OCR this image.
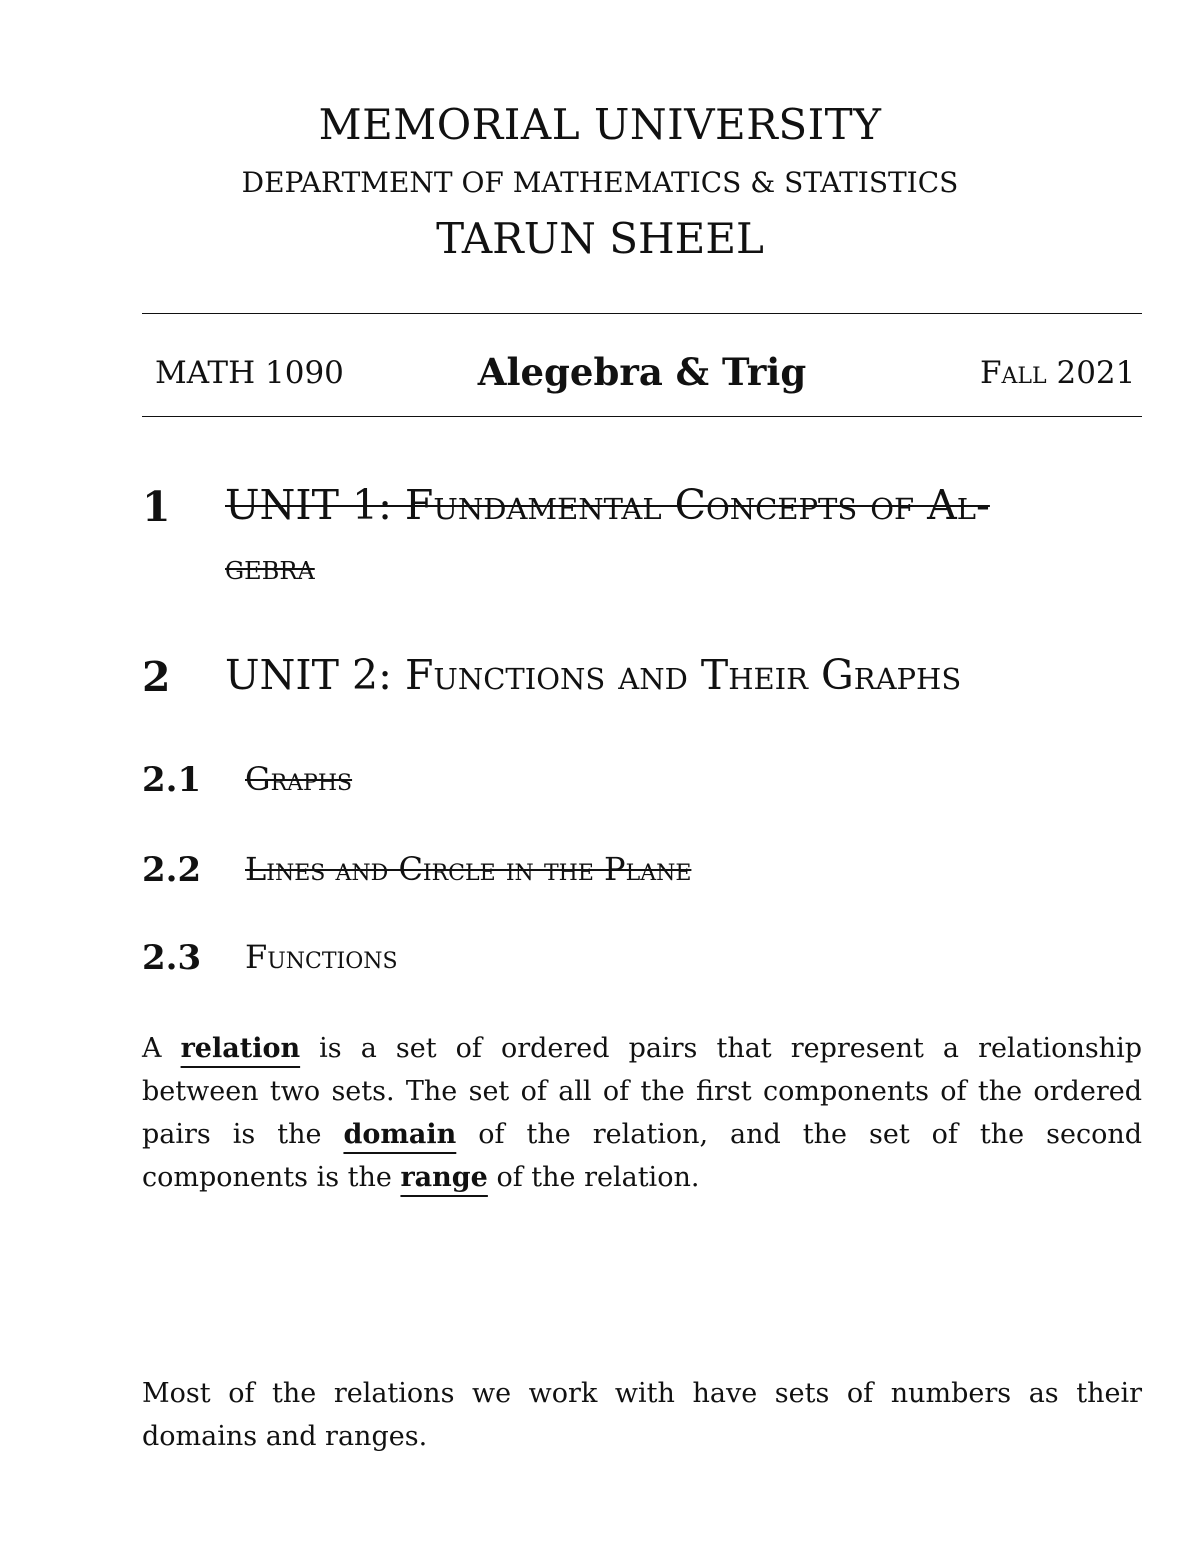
MEMORIAL UNIVERSITY
DEPARTMENT OF MATHEMATICS & STATISTICS
TARUN SHEEL
MATH 1090	Alegebra & Trig	Fall 2021
1 UNIT 1: Fundamental Concepts of Al-
gebra
2 UNIT 2: Functions and Their Graphs
2.1 Graphs
2.2 Lines and Circle in the Plane
2.3 Functions
A relation is a set of ordered pairs that represent a relationship between two sets. The set of all of the first components of the ordered pairs is the domain of the relation, and the set of the second components is the range of the relation.
Most of the relations we work with have sets of numbers as their domains and ranges.
